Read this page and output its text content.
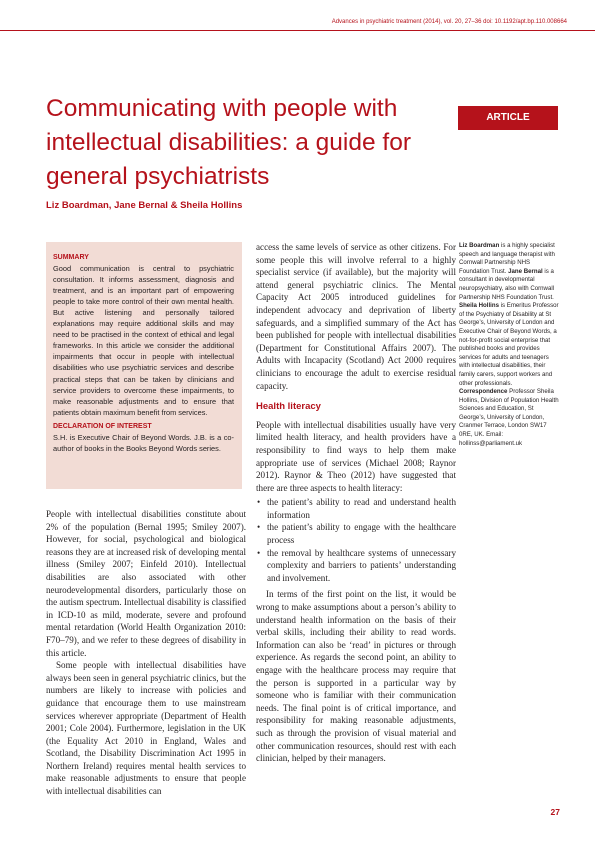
Advances in psychiatric treatment (2014), vol. 20, 27–36 doi: 10.1192/apt.bp.110.008664
Communicating with people with intellectual disabilities: a guide for general psychiatrists
ARTICLE
Liz Boardman, Jane Bernal & Sheila Hollins

SUMMARY

Good communication is central to psychiatric consultation. It informs assessment, diagnosis and treatment, and is an important part of empowering people to take more control of their own mental health. But active listening and personally tailored explanations may require additional skills and may need to be practised in the context of ethical and legal frameworks. In this article we consider the additional impairments that occur in people with intellectual disabilities who use psychiatric services and describe practical steps that can be taken by clinicians and service providers to overcome these impairments, to make reasonable adjustments and to ensure that patients obtain maximum benefit from services.

DECLARATION OF INTEREST

S.H. is Executive Chair of Beyond Words. J.B. is a co-author of books in the Books Beyond Words series.

People with intellectual disabilities constitute about 2% of the population (Bernal 1995; Smiley 2007). However, for social, psychological and biological reasons they are at increased risk of developing mental illness (Smiley 2007; Einfeld 2010). Intellectual disabilities are also associated with other neurodevelopmental disorders, particularly those on the autism spectrum. Intellectual disability is classified in ICD-10 as mild, moderate, severe and profound mental retardation (World Health Organization 2010: F70–79), and we refer to these degrees of disability in this article.

Some people with intellectual disabilities have always been seen in general psychiatric clinics, but the numbers are likely to increase with policies and guidance that encourage them to use mainstream services wherever appropriate (Department of Health 2001; Cole 2004). Furthermore, legislation in the UK (the Equality Act 2010 in England, Wales and Scotland, the Disability Discrimination Act 1995 in Northern Ireland) requires mental health services to make reasonable adjustments to ensure that people with intellectual disabilities can

access the same levels of service as other citizens. For some people this will involve referral to a highly specialist service (if available), but the majority will attend general psychiatric clinics. The Mental Capacity Act 2005 introduced guidelines for independent advocacy and deprivation of liberty safeguards, and a simplified summary of the Act has been published for people with intellectual disabilities (Department for Constitutional Affairs 2007). The Adults with Incapacity (Scotland) Act 2000 requires clinicians to encourage the adult to exercise residual capacity.

Health literacy

People with intellectual disabilities usually have very limited health literacy, and health providers have a responsibility to find ways to help them make appropriate use of services (Michael 2008; Raynor 2012). Raynor & Theo (2012) have suggested that there are three aspects to health literacy:

• the patient’s ability to read and understand health information
• the patient’s ability to engage with the healthcare process
• the removal by healthcare systems of unnecessary complexity and barriers to patients’ understanding and involvement.

In terms of the first point on the list, it would be wrong to make assumptions about a person’s ability to understand health information on the basis of their verbal skills, including their ability to read words. Information can also be ‘read’ in pictures or through experience. As regards the second point, an ability to engage with the healthcare process may require that the person is supported in a particular way by someone who is familiar with their communication needs. The final point is of critical importance, and responsibility for making reasonable adjustments, such as through the provision of visual material and other communication resources, should rest with each clinician, helped by their managers.

Liz Boardman is a highly specialist speech and language therapist with Cornwall Partnership NHS Foundation Trust. Jane Bernal is a consultant in developmental neuropsychiatry, also with Cornwall Partnership NHS Foundation Trust. Sheila Hollins is Emeritus Professor of the Psychiatry of Disability at St George’s, University of London and Executive Chair of Beyond Words, a not-for-profit social enterprise that published books and provides services for adults and teenagers with intellectual disabilities, their family carers, support workers and other professionals. Correspondence Professor Sheila Hollins, Division of Population Health Sciences and Education, St George’s, University of London, Cranmer Terrace, London SW17 0RE, UK. Email: hollinss@parliament.uk

27
